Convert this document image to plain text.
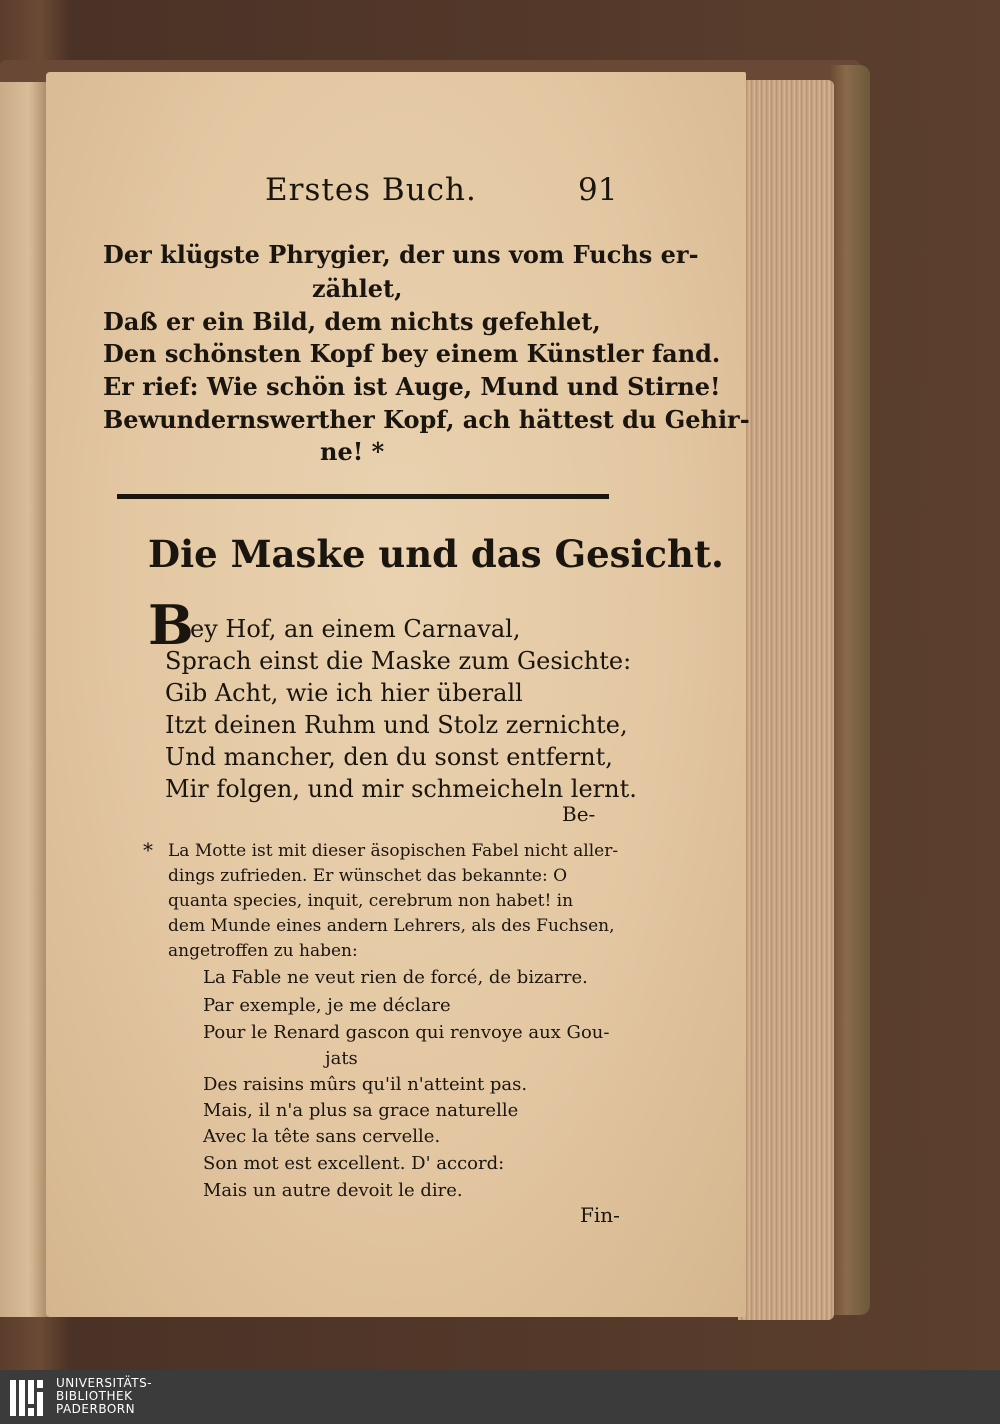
Erstes Buch.	91
Der klügste Phrygier, der uns vom Fuchs er-
zählet,
Daß er ein Bild, dem nichts gefehlet,
Den schönsten Kopf bey einem Künstler fand.
Er rief: Wie schön ist Auge, Mund und Stirne!
Bewundernswerther Kopf, ach hättest du Gehir-
ne! *
Die Maske und das Gesicht.
B
ey Hof, an einem Carnaval,
Sprach einst die Maske zum Gesichte:
Gib Acht, wie ich hier überall
Itzt deinen Ruhm und Stolz zernichte,
Und mancher, den du sonst entfernt,
Mir folgen, und mir schmeicheln lernt.
Be-
* La Motte ist mit dieser äsopischen Fabel nicht aller-
dings zufrieden. Er wünschet das bekannte: O
quanta species, inquit, cerebrum non habet! in
dem Munde eines andern Lehrers, als des Fuchsen,
angetroffen zu haben:
La Fable ne veut rien de forcé, de bizarre.
Par exemple, je me déclare
Pour le Renard gascon qui renvoye aux Gou-
jats
Des raisins mûrs qu'il n'atteint pas.
Mais, il n'a plus sa grace naturelle
Avec la tête sans cervelle.
Son mot est excellent. D' accord:
Mais un autre devoit le dire.
Fin-
UNIVERSITÄTS-
BIBLIOTHEK
PADERBORN
